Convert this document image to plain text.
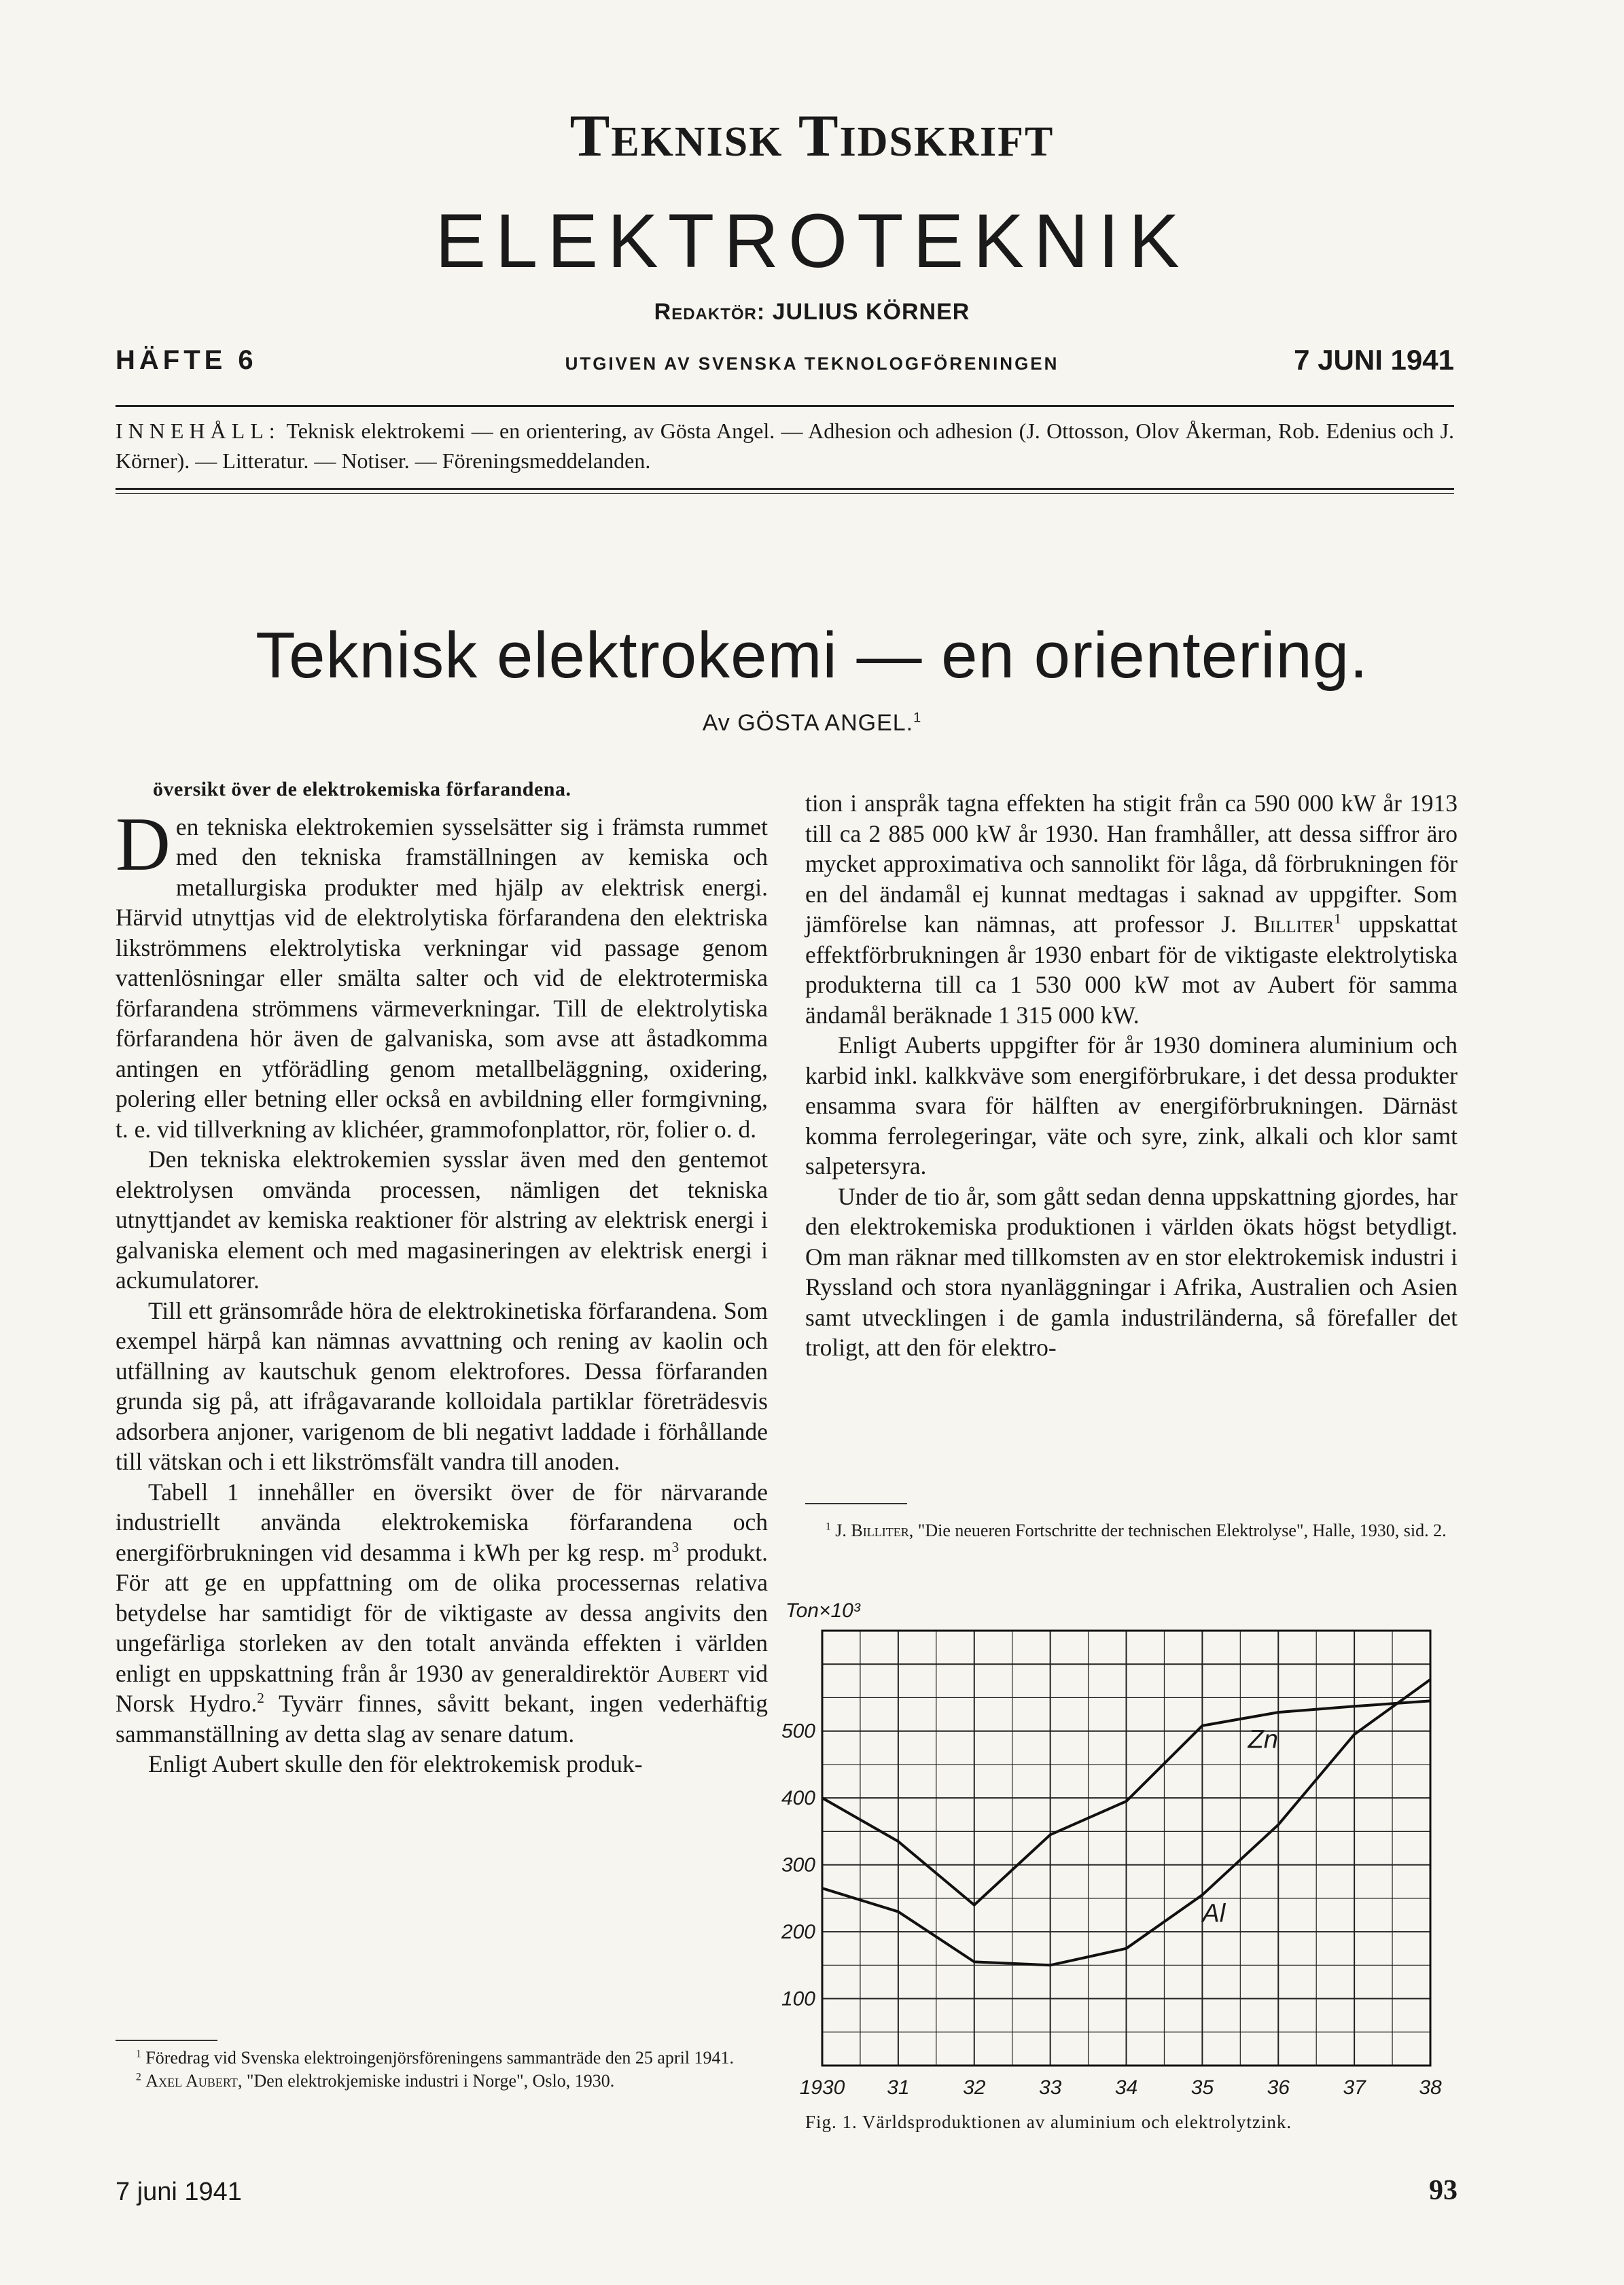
Teknisk Tidskrift
ELEKTROTEKNIK
Redaktör: JULIUS KÖRNER
HÄFTE 6	UTGIVEN AV SVENSKA TEKNOLOGFÖRENINGEN	7 JUNI 1941
INNEHÅLL: Teknisk elektrokemi — en orientering, av Gösta Angel. — Adhesion och adhesion (J. Ottosson, Olov Åkerman, Rob. Edenius och J. Körner). — Litteratur. — Notiser. — Föreningsmeddelanden.
Teknisk elektrokemi — en orientering.
Av GÖSTA ANGEL.$^1$

översikt över de elektrokemiska förfarandena.

Den tekniska elektrokemien sysselsätter sig i främsta rummet med den tekniska framställningen av kemiska och metallurgiska produkter med hjälp av elektrisk energi. Härvid utnyttjas vid de elektrolytiska förfarandena den elektriska likströmmens elektrolytiska verkningar vid passage genom vattenlösningar eller smälta salter och vid de elektrotermiska förfarandena strömmens värmeverkningar. Till de elektrolytiska förfarandena hör även de galvaniska, som avse att åstadkomma antingen en ytförädling genom metallbeläggning, oxidering, polering eller betning eller också en avbildning eller formgivning, t. e. vid tillverkning av klichéer, grammofonplattor, rör, folier o. d.

Den tekniska elektrokemien sysslar även med den gentemot elektrolysen omvända processen, nämligen det tekniska utnyttjandet av kemiska reaktioner för alstring av elektrisk energi i galvaniska element och med magasineringen av elektrisk energi i ackumulatorer.

Till ett gränsområde höra de elektrokinetiska förfarandena. Som exempel härpå kan nämnas avvattning och rening av kaolin och utfällning av kautschuk genom elektrofores. Dessa förfaranden grunda sig på, att ifrågavarande kolloidala partiklar företrädesvis adsorbera anjoner, varigenom de bli negativt laddade i förhållande till vätskan och i ett likströmsfält vandra till anoden.

Tabell 1 innehåller en översikt över de för närvarande industriellt använda elektrokemiska förfarandena och energiförbrukningen vid desamma i kWh per kg resp. $m^3$ produkt. För att ge en uppfattning om de olika processernas relativa betydelse har samtidigt för de viktigaste av dessa angivits den ungefärliga storleken av den totalt använda effekten i världen enligt en uppskattning från år 1930 av generaldirektör Aubert vid Norsk Hydro.$^2$ Tyvärr finnes, såvitt bekant, ingen vederhäftig sammanställning av detta slag av senare datum.

Enligt Aubert skulle den för elektrokemisk produk-

$^1$ Föredrag vid Svenska elektroingenjörsföreningens sammanträde den 25 april 1941.

$^2$ Axel Aubert, "Den elektrokjemiske industri i Norge", Oslo, 1930.

tion i anspråk tagna effekten ha stigit från ca 590 000 kW år 1913 till ca 2 885 000 kW år 1930. Han framhåller, att dessa siffror äro mycket approximativa och sannolikt för låga, då förbrukningen för en del ändamål ej kunnat medtagas i saknad av uppgifter. Som jämförelse kan nämnas, att professor J. Billiter$^1$ uppskattat effektförbrukningen år 1930 enbart för de viktigaste elektrolytiska produkterna till ca 1 530 000 kW mot av Aubert för samma ändamål beräknade 1 315 000 kW.

Enligt Auberts uppgifter för år 1930 dominera aluminium och karbid inkl. kalkkväve som energiförbrukare, i det dessa produkter ensamma svara för hälften av energiförbrukningen. Därnäst komma ferrolegeringar, väte och syre, zink, alkali och klor samt salpetersyra.

Under de tio år, som gått sedan denna uppskattning gjordes, har den elektrokemiska produktionen i världen ökats högst betydligt. Om man räknar med tillkomsten av en stor elektrokemisk industri i Ryssland och stora nyanläggningar i Afrika, Australien och Asien samt utvecklingen i de gamla industriländerna, så förefaller det troligt, att den för elektro-

$^1$ J. Billiter, "Die neueren Fortschritte der technischen Elektrolyse", Halle, 1930, sid. 2.

Ton×10³
100
200
300
400
500
1930 31	32	33	34	35	36	37	38
Zn
Al
Fig. 1. Världsproduktionen av aluminium och elektrolytzink.
7 juni 1941	93
